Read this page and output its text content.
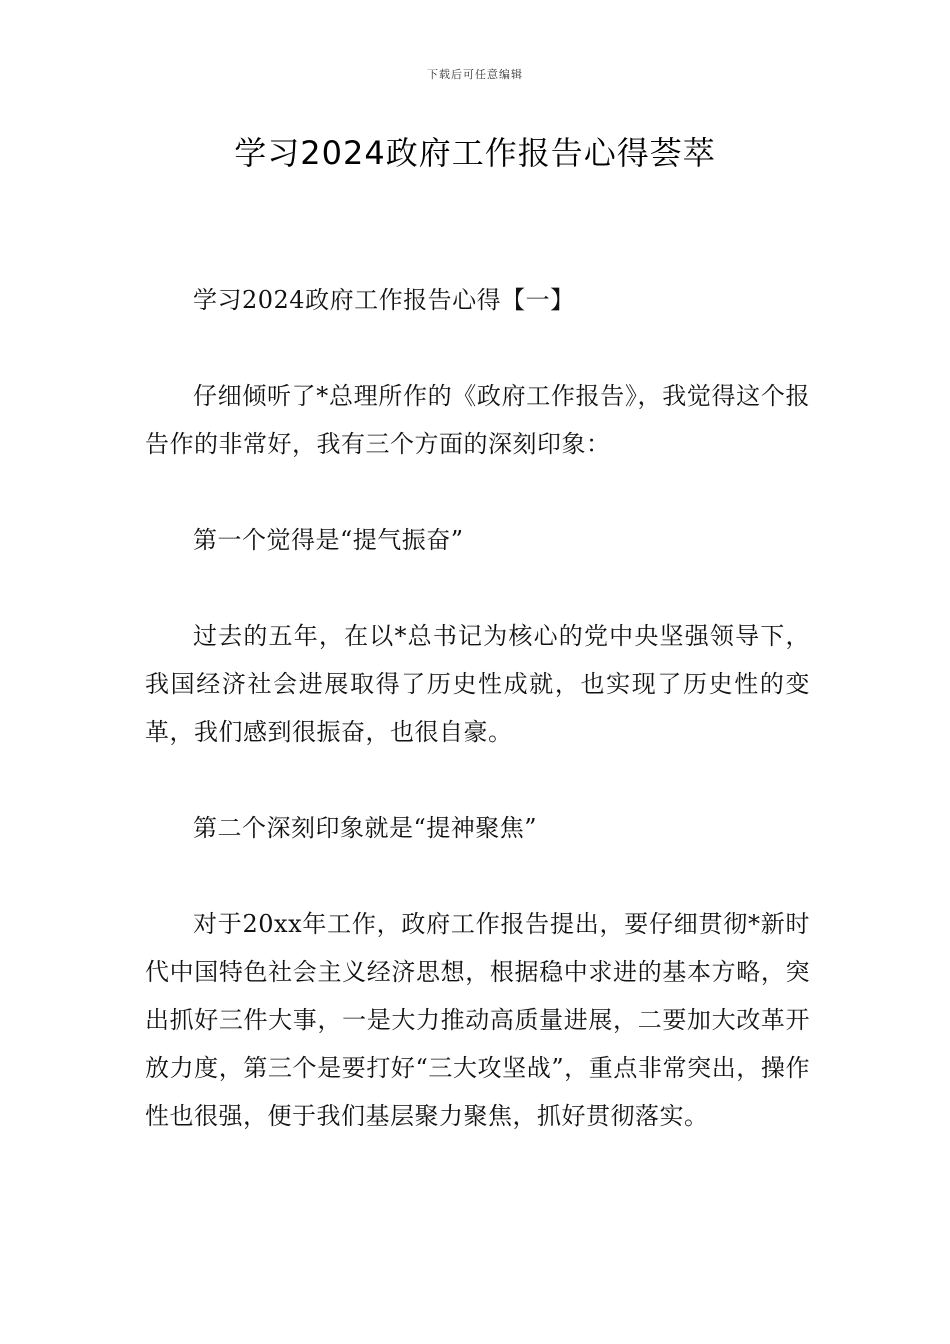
下载后可任意编辑
学习2024政府工作报告心得荟萃

学习2024政府工作报告心得【一】

仔细倾听了*总理所作的《政府工作报告》，我觉得这个报告作的非常好，我有三个方面的深刻印象：

第一个觉得是“提气振奋”

过去的五年，在以*总书记为核心的党中央坚强领导下，我国经济社会进展取得了历史性成就，也实现了历史性的变革，我们感到很振奋，也很自豪。

第二个深刻印象就是“提神聚焦”

对于20xx年工作，政府工作报告提出，要仔细贯彻*新时代中国特色社会主义经济思想，根据稳中求进的基本方略，突出抓好三件大事，一是大力推动高质量进展，二要加大改革开放力度，第三个是要打好“三大攻坚战”，重点非常突出，操作性也很强，便于我们基层聚力聚焦，抓好贯彻落实。
